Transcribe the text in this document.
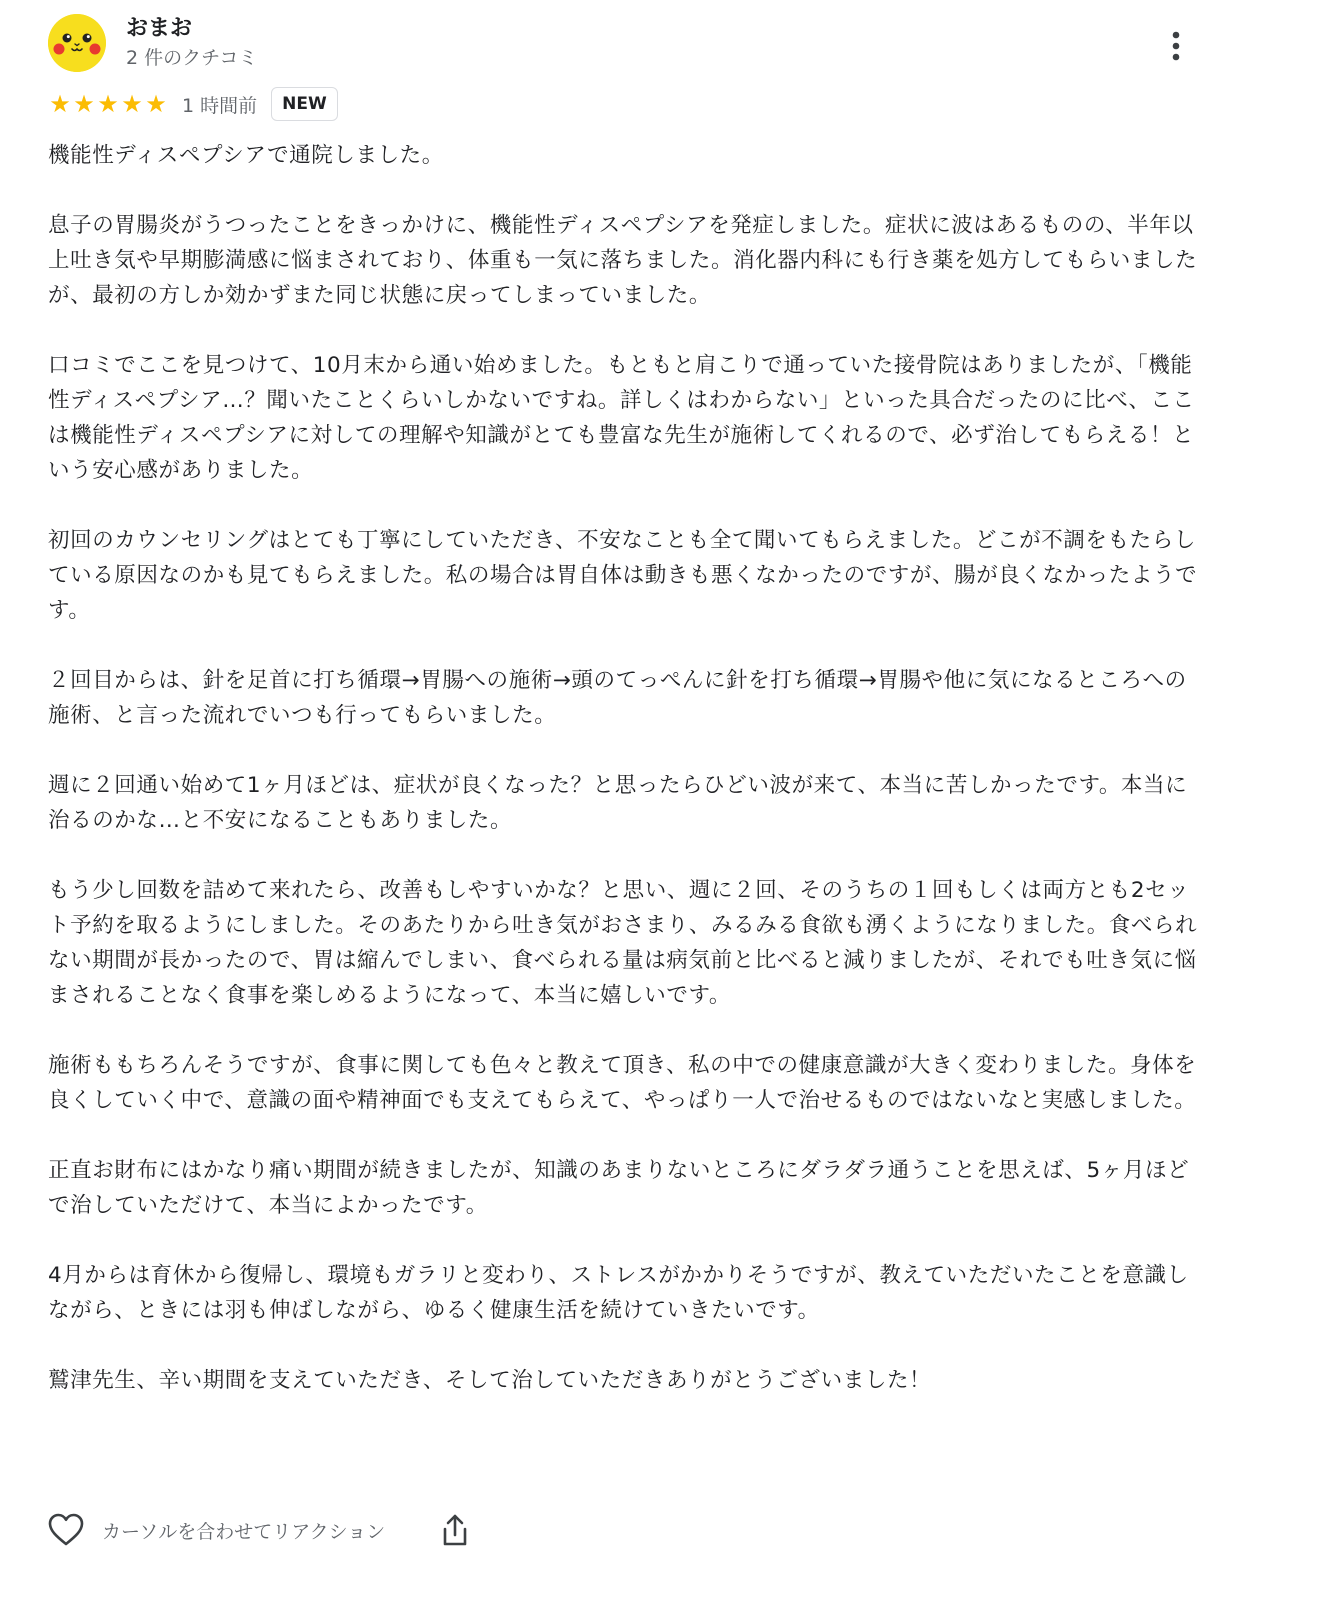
おまお
2 件のクチコミ
★ ★ ★ ★ ★ 1 時間前	NEW

機能性ディスペプシアで通院しました。

息子の胃腸炎がうつったことをきっかけに、機能性ディスペプシアを発症しました。症状に波はあるものの、半年以上吐き気や早期膨満感に悩まされており、体重も一気に落ちました。消化器内科にも行き薬を処方してもらいましたが、最初の方しか効かずまた同じ状態に戻ってしまっていました。

口コミでここを見つけて、10月末から通い始めました。もともと肩こりで通っていた接骨院はありましたが、「機能性ディスペプシア…？聞いたことくらいしかないですね。詳しくはわからない」といった具合だったのに比べ、ここは機能性ディスペプシアに対しての理解や知識がとても豊富な先生が施術してくれるので、必ず治してもらえる！という安心感がありました。

初回のカウンセリングはとても丁寧にしていただき、不安なことも全て聞いてもらえました。どこが不調をもたらしている原因なのかも見てもらえました。私の場合は胃自体は動きも悪くなかったのですが、腸が良くなかったようです。

２回目からは、針を足首に打ち循環→胃腸への施術→頭のてっぺんに針を打ち循環→胃腸や他に気になるところへの施術、と言った流れでいつも行ってもらいました。

週に２回通い始めて1ヶ月ほどは、症状が良くなった？と思ったらひどい波が来て、本当に苦しかったです。本当に治るのかな…と不安になることもありました。

もう少し回数を詰めて来れたら、改善もしやすいかな？と思い、週に２回、そのうちの１回もしくは両方とも2セット予約を取るようにしました。そのあたりから吐き気がおさまり、みるみる食欲も湧くようになりました。食べられない期間が長かったので、胃は縮んでしまい、食べられる量は病気前と比べると減りましたが、それでも吐き気に悩まされることなく食事を楽しめるようになって、本当に嬉しいです。

施術ももちろんそうですが、食事に関しても色々と教えて頂き、私の中での健康意識が大きく変わりました。身体を良くしていく中で、意識の面や精神面でも支えてもらえて、やっぱり一人で治せるものではないなと実感しました。

正直お財布にはかなり痛い期間が続きましたが、知識のあまりないところにダラダラ通うことを思えば、5ヶ月ほどで治していただけて、本当によかったです。

4月からは育休から復帰し、環境もガラリと変わり、ストレスがかかりそうですが、教えていただいたことを意識しながら、ときには羽も伸ばしながら、ゆるく健康生活を続けていきたいです。

鷲津先生、辛い期間を支えていただき、そして治していただきありがとうございました！

カーソルを合わせてリアクション
